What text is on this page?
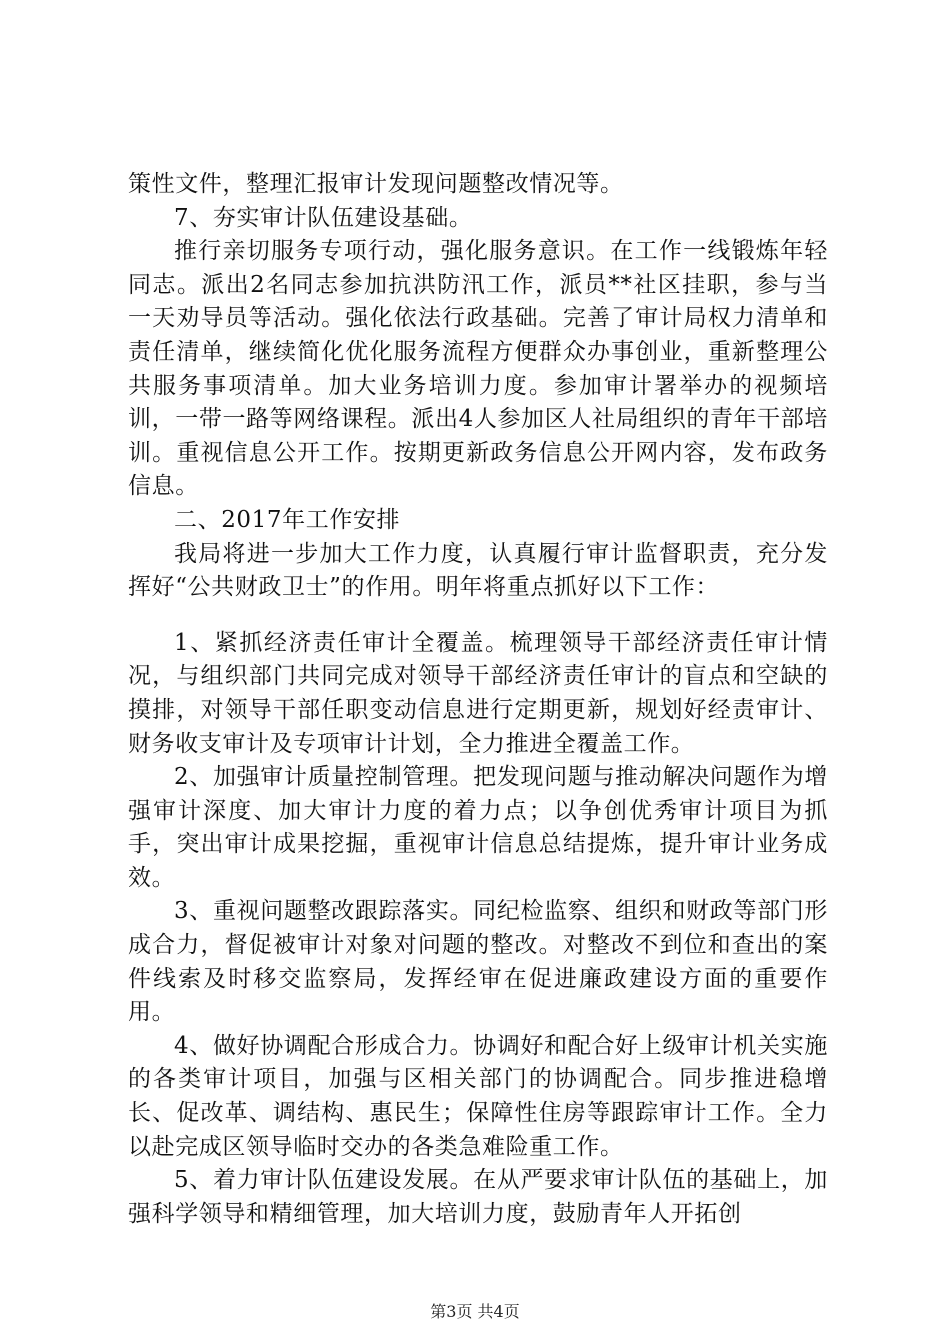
策性文件，整理汇报审计发现问题整改情况等。

7、夯实审计队伍建设基础。

推行亲切服务专项行动，强化服务意识。在工作一线锻炼年轻同志。派出2名同志参加抗洪防汛工作，派员**社区挂职，参与当一天劝导员等活动。强化依法行政基础。完善了审计局权力清单和责任清单，继续简化优化服务流程方便群众办事创业，重新整理公共服务事项清单。加大业务培训力度。参加审计署举办的视频培训，一带一路等网络课程。派出4人参加区人社局组织的青年干部培训。重视信息公开工作。按期更新政务信息公开网内容，发布政务信息。

二、2017年工作安排

我局将进一步加大工作力度，认真履行审计监督职责，充分发挥好“公共财政卫士”的作用。明年将重点抓好以下工作：

1、紧抓经济责任审计全覆盖。梳理领导干部经济责任审计情况，与组织部门共同完成对领导干部经济责任审计的盲点和空缺的摸排，对领导干部任职变动信息进行定期更新，规划好经责审计、财务收支审计及专项审计计划，全力推进全覆盖工作。

2、加强审计质量控制管理。把发现问题与推动解决问题作为增强审计深度、加大审计力度的着力点；以争创优秀审计项目为抓手，突出审计成果挖掘，重视审计信息总结提炼，提升审计业务成效。

3、重视问题整改跟踪落实。同纪检监察、组织和财政等部门形成合力，督促被审计对象对问题的整改。对整改不到位和查出的案件线索及时移交监察局，发挥经审在促进廉政建设方面的重要作用。

4、做好协调配合形成合力。协调好和配合好上级审计机关实施的各类审计项目，加强与区相关部门的协调配合。同步推进稳增长、促改革、调结构、惠民生；保障性住房等跟踪审计工作。全力以赴完成区领导临时交办的各类急难险重工作。

5、着力审计队伍建设发展。在从严要求审计队伍的基础上，加强科学领导和精细管理，加大培训力度，鼓励青年人开拓创

第3页 共4页
